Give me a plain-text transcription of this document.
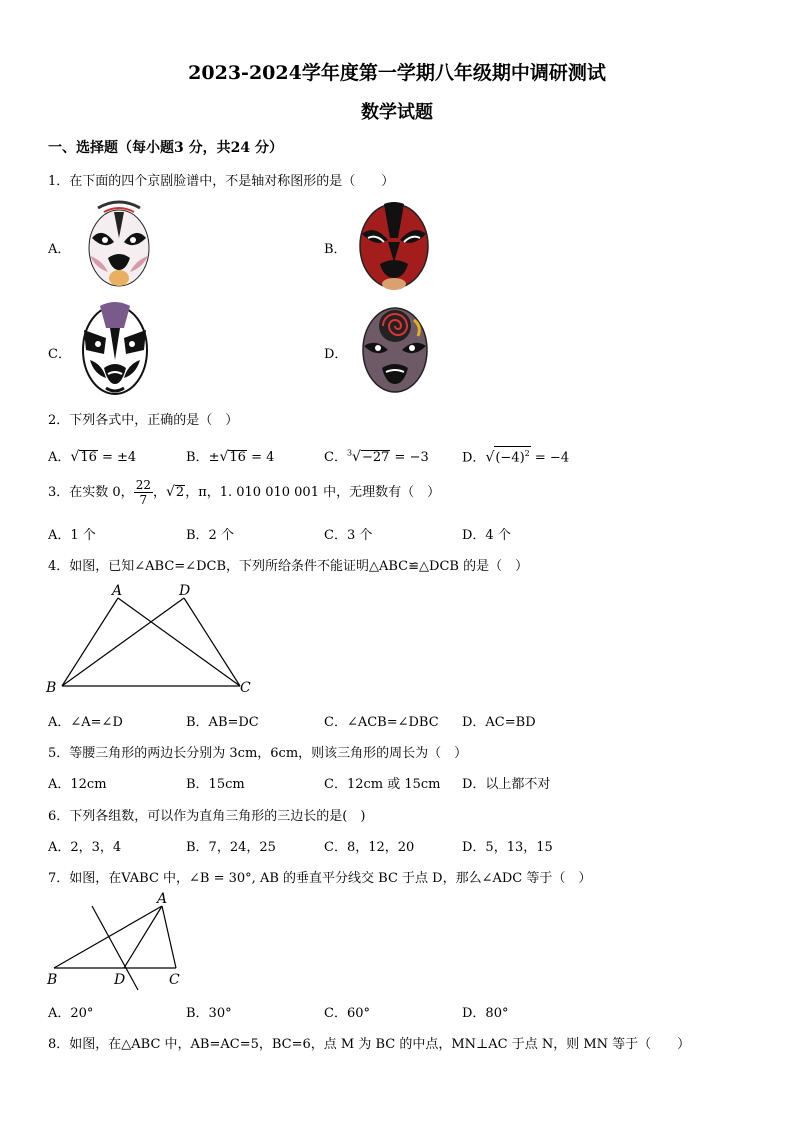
2023-2024学年度第一学期八年级期中调研测试
数学试题
一、选择题（每小题3 分，共24 分）
1．在下面的四个京剧脸谱中，不是轴对称图形的是（　　）
A．	B．
C．	D．
2．下列各式中，正确的是（　）
A．√16 = ±4	B．±√16 = 4	C．$^3$√−27 = −3	D．$√(-4)^2 = -4$
3．在实数 0， $\frac{22}{7}$ ，√2，π，1. 010 010 001 中，无理数有（　）
A．1 个	B．2 个	C．3 个	D．4 个
4．如图，已知∠ABC=∠DCB，下列所给条件不能证明△ABC≌△DCB 的是（　）
A	D
B	C
A．∠A=∠D	B．AB=DC	C．∠ACB=∠DBC D．AC=BD
5．等腰三角形的两边长分别为 3cm，6cm，则该三角形的周长为（　）
A．12cm	B．15cm	C．12cm 或 15cm D．以上都不对
6．下列各组数，可以作为直角三角形的三边长的是(　)
A．2，3，4	B．7，24，25	C．8，12，20	D．5，13，15
7．如图，在VABC 中，∠B = 30°, AB 的垂直平分线交 BC 于点 D，那么∠ADC 等于（　）
A
B	D	C
A．20°	B．30°	C．60°	D．80°
8．如图，在△ABC 中，AB=AC=5，BC=6，点 M 为 BC 的中点，MN⊥AC 于点 N，则 MN 等于（　　）
